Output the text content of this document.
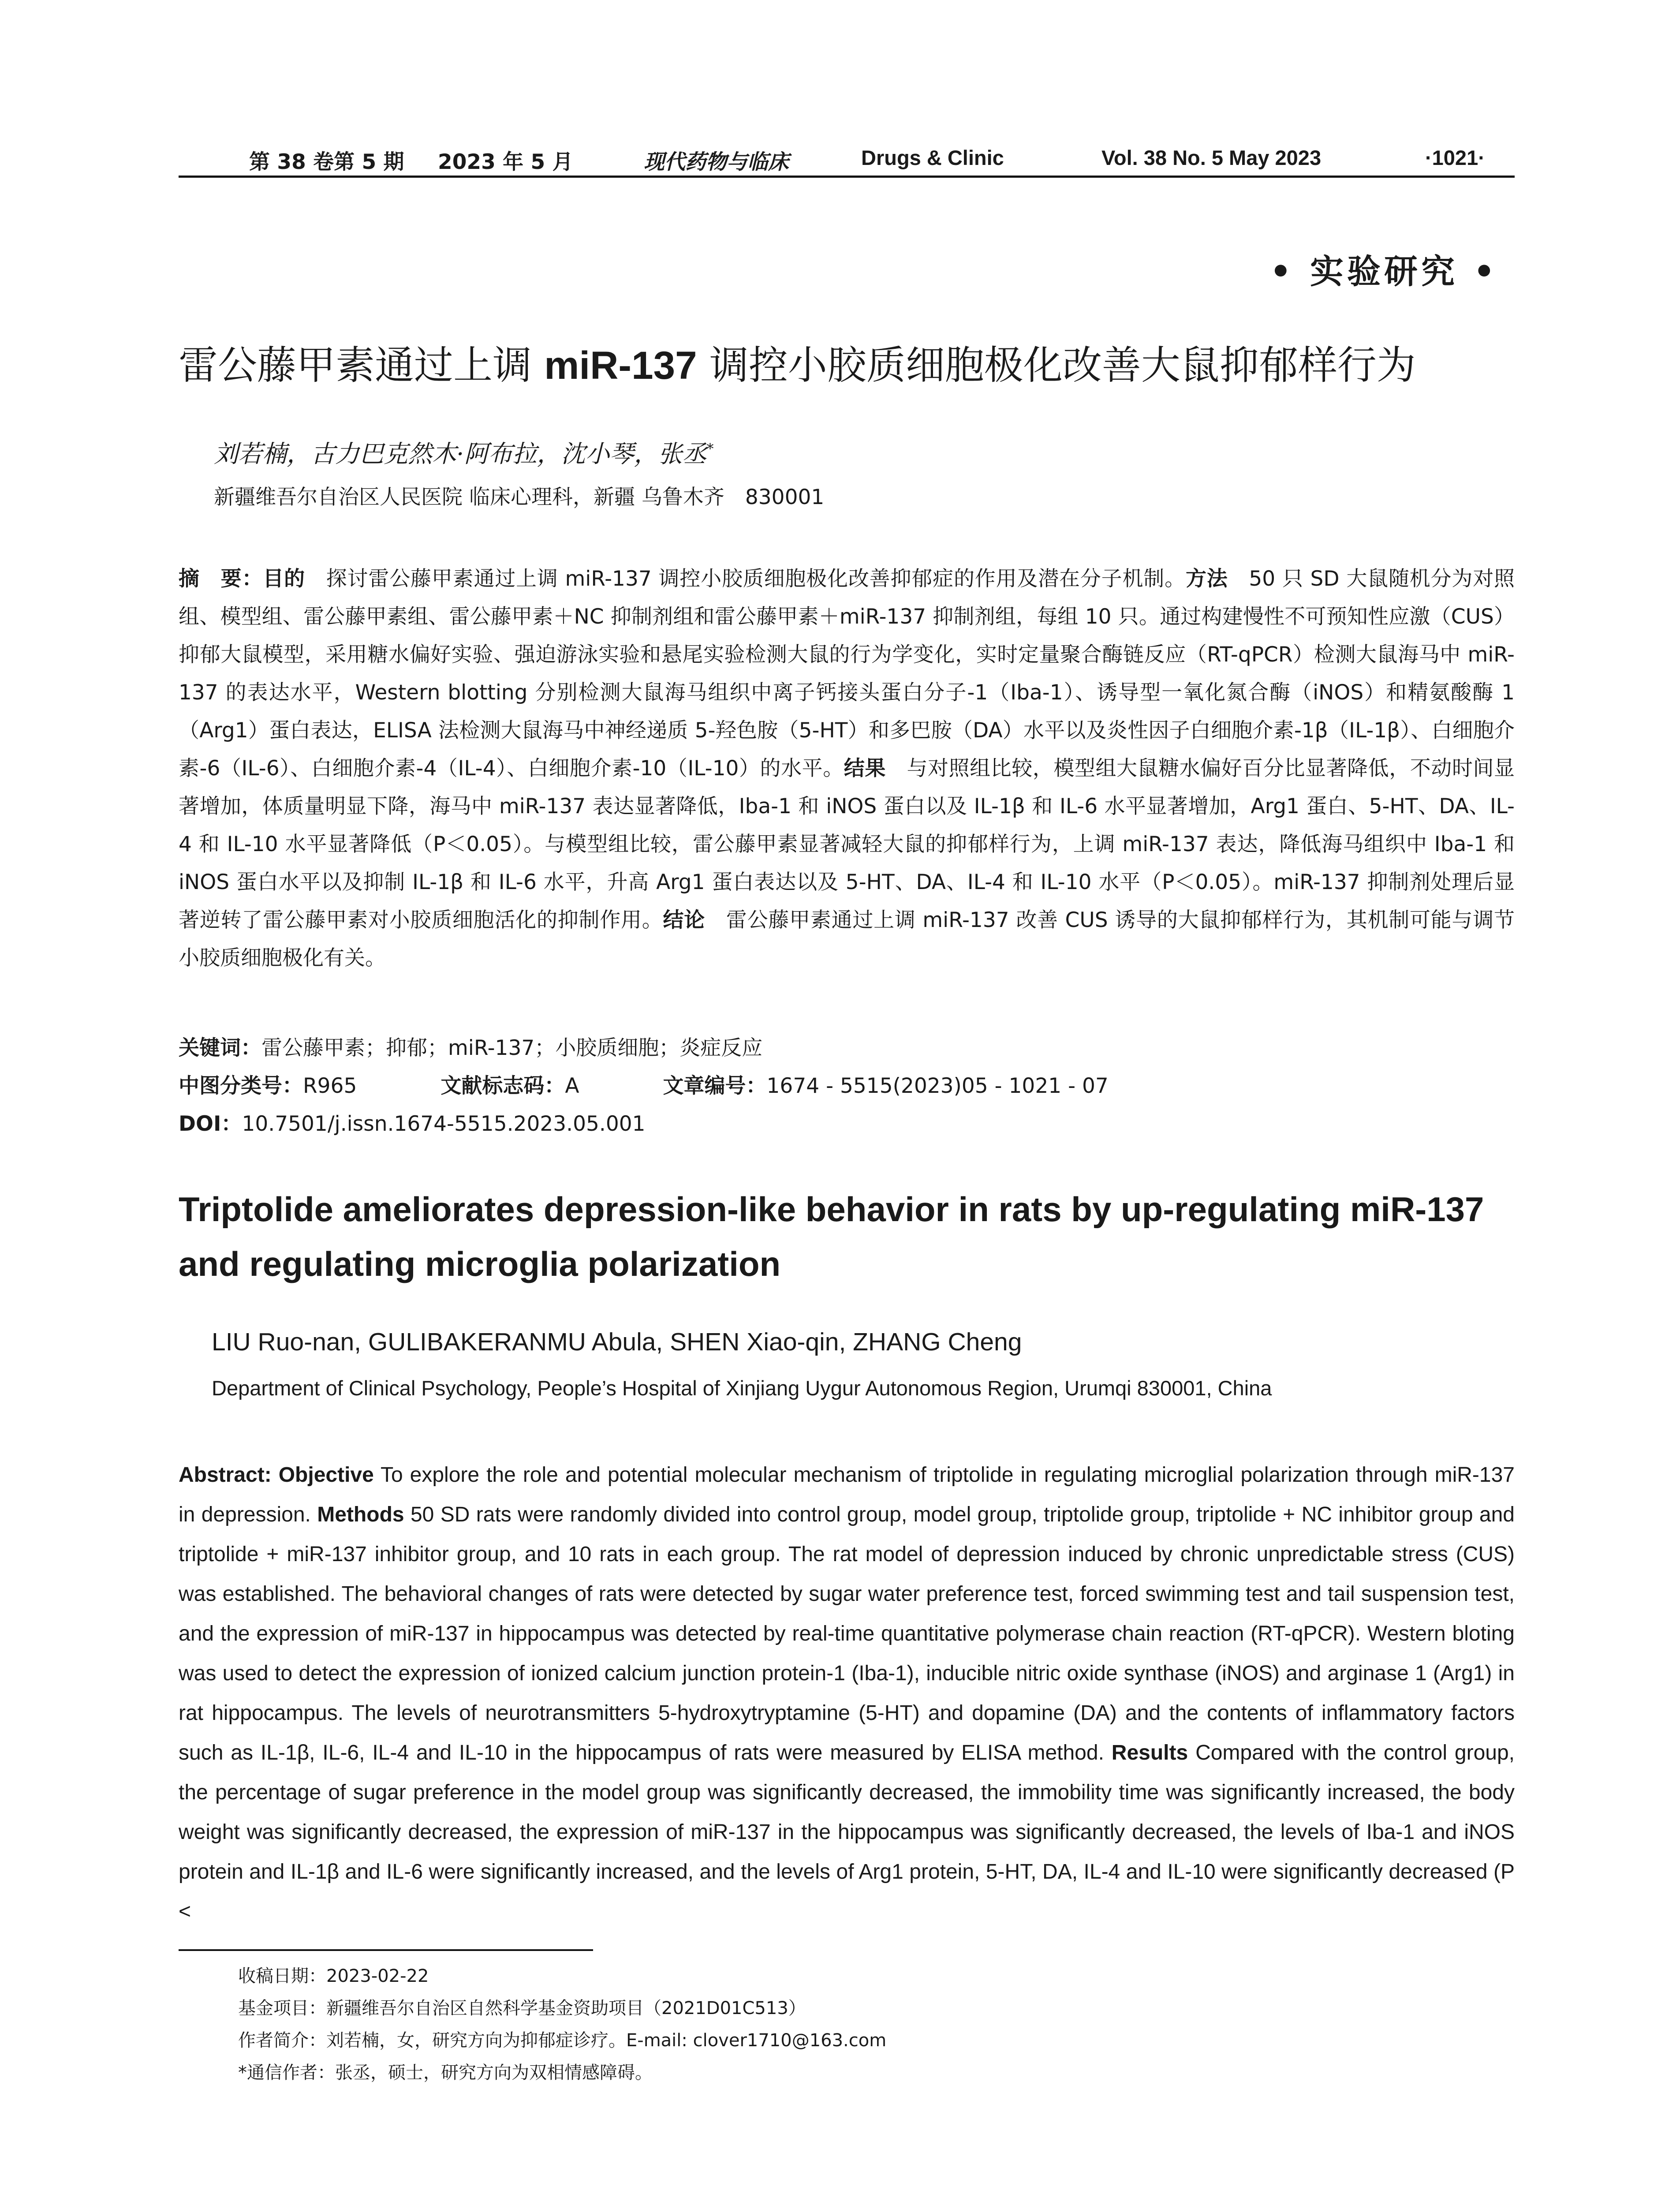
第 38 卷第 5 期 2023 年 5 月	现代药物与临床	Drugs & Clinic	Vol. 38 No. 5 May 2023	·1021·
• 实验研究 •
雷公藤甲素通过上调 miR-137 调控小胶质细胞极化改善大鼠抑郁样行为
刘若楠，古力巴克然木·阿布拉，沈小琴，张丞*
新疆维吾尔自治区人民医院 临床心理科，新疆 乌鲁木齐　830001

摘　要：目的　探讨雷公藤甲素通过上调 miR-137 调控小胶质细胞极化改善抑郁症的作用及潜在分子机制。方法　50 只 SD 大鼠随机分为对照组、模型组、雷公藤甲素组、雷公藤甲素＋NC 抑制剂组和雷公藤甲素＋miR-137 抑制剂组，每组 10 只。通过构建慢性不可预知性应激（CUS）抑郁大鼠模型，采用糖水偏好实验、强迫游泳实验和悬尾实验检测大鼠的行为学变化，实时定量聚合酶链反应（RT-qPCR）检测大鼠海马中 miR-137 的表达水平，Western blotting 分别检测大鼠海马组织中离子钙接头蛋白分子-1（Iba-1）、诱导型一氧化氮合酶（iNOS）和精氨酸酶 1（Arg1）蛋白表达，ELISA 法检测大鼠海马中神经递质 5-羟色胺（5-HT）和多巴胺（DA）水平以及炎性因子白细胞介素-1β（IL-1β）、白细胞介素-6（IL-6）、白细胞介素-4（IL-4）、白细胞介素-10（IL-10）的水平。结果　与对照组比较，模型组大鼠糖水偏好百分比显著降低，不动时间显著增加，体质量明显下降，海马中 miR-137 表达显著降低，Iba-1 和 iNOS 蛋白以及 IL-1β 和 IL-6 水平显著增加，Arg1 蛋白、5-HT、DA、IL-4 和 IL-10 水平显著降低（P＜0.05）。与模型组比较，雷公藤甲素显著减轻大鼠的抑郁样行为，上调 miR-137 表达，降低海马组织中 Iba-1 和 iNOS 蛋白水平以及抑制 IL-1β 和 IL-6 水平，升高 Arg1 蛋白表达以及 5-HT、DA、IL-4 和 IL-10 水平（P＜0.05）。miR-137 抑制剂处理后显著逆转了雷公藤甲素对小胶质细胞活化的抑制作用。结论　雷公藤甲素通过上调 miR-137 改善 CUS 诱导的大鼠抑郁样行为，其机制可能与调节小胶质细胞极化有关。

关键词：雷公藤甲素；抑郁；miR-137；小胶质细胞；炎症反应
中图分类号：R965	文献标志码：A	文章编号：1674 - 5515(2023)05 - 1021 - 07
DOI：10.7501/j.issn.1674-5515.2023.05.001
Triptolide ameliorates depression-like behavior in rats by up-regulating miR-137 and regulating microglia polarization
LIU Ruo-nan, GULIBAKERANMU Abula, SHEN Xiao-qin, ZHANG Cheng
Department of Clinical Psychology, People’s Hospital of Xinjiang Uygur Autonomous Region, Urumqi 830001, China

Abstract: Objective To explore the role and potential molecular mechanism of triptolide in regulating microglial polarization through miR-137 in depression. Methods 50 SD rats were randomly divided into control group, model group, triptolide group, triptolide + NC inhibitor group and triptolide + miR-137 inhibitor group, and 10 rats in each group. The rat model of depression induced by chronic unpredictable stress (CUS) was established. The behavioral changes of rats were detected by sugar water preference test, forced swimming test and tail suspension test, and the expression of miR-137 in hippocampus was detected by real-time quantitative polymerase chain reaction (RT-qPCR). Western bloting was used to detect the expression of ionized calcium junction protein-1 (Iba-1), inducible nitric oxide synthase (iNOS) and arginase 1 (Arg1) in rat hippocampus. The levels of neurotransmitters 5-hydroxytryptamine (5-HT) and dopamine (DA) and the contents of inflammatory factors such as IL-1β, IL-6, IL-4 and IL-10 in the hippocampus of rats were measured by ELISA method. Results Compared with the control group, the percentage of sugar preference in the model group was significantly decreased, the immobility time was significantly increased, the body weight was significantly decreased, the expression of miR-137 in the hippocampus was significantly decreased, the levels of Iba-1 and iNOS protein and IL-1β and IL-6 were significantly increased, and the levels of Arg1 protein, 5-HT, DA, IL-4 and IL-10 were significantly decreased (P <

收稿日期：2023-02-22
基金项目：新疆维吾尔自治区自然科学基金资助项目（2021D01C513）
作者简介：刘若楠，女，研究方向为抑郁症诊疗。E-mail: clover1710@163.com
*通信作者：张丞，硕士，研究方向为双相情感障碍。
